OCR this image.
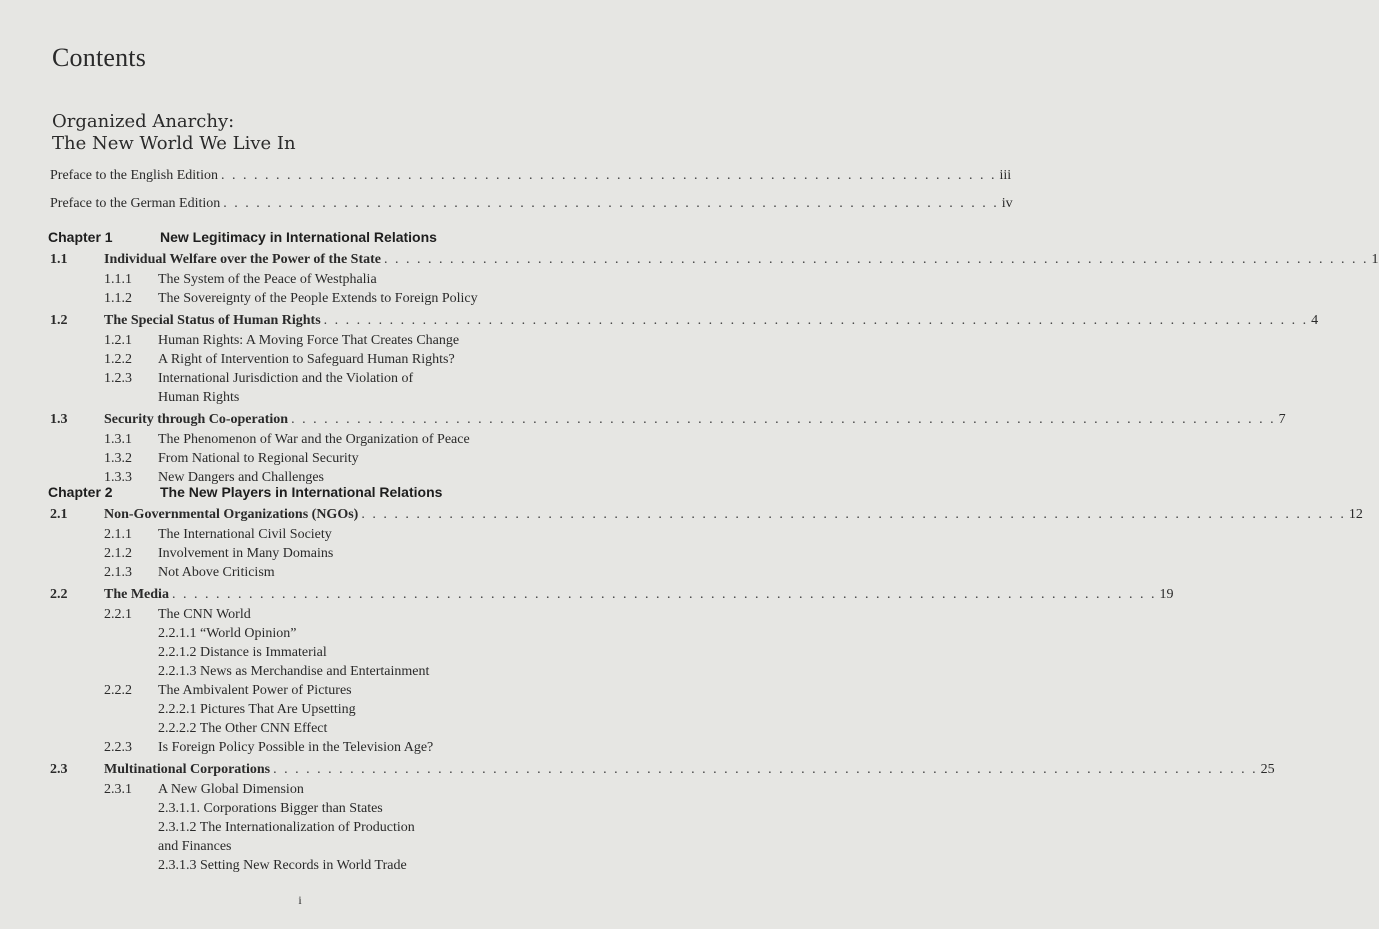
Contents
Organized Anarchy:
The New World We Live In
Preface to the English Edition . . . . . . . . . . . . . . . . . . . . . . . . . . . . . . . . . . . . . . . . . . . . . . . . . . . . . . . . . . . . . . . . . . . . . . . iii
Preface to the German Edition . . . . . . . . . . . . . . . . . . . . . . . . . . . . . . . . . . . . . . . . . . . . . . . . . . . . . . . . . . . . . . . . . . . . . . . iv
Chapter 1	New Legitimacy in International Relations
1.1	Individual Welfare over the Power of the State . . . . . . . . . . . . . . . . . . . . . . . . . . . . . . . . . . . . . . . . . . . . . . . . . . . . . . . . . . . . . . . . . . . . . . . . . . . . . . . . . . . . . . . . . . 1
1.1.1 The System of the Peace of Westphalia
1.1.2 The Sovereignty of the People Extends to Foreign Policy
1.2	The Special Status of Human Rights . . . . . . . . . . . . . . . . . . . . . . . . . . . . . . . . . . . . . . . . . . . . . . . . . . . . . . . . . . . . . . . . . . . . . . . . . . . . . . . . . . . . . . . . . . 4
1.2.1 Human Rights: A Moving Force That Creates Change
1.2.2 A Right of Intervention to Safeguard Human Rights?
1.2.3 International Jurisdiction and the Violation of
Human Rights
1.3	Security through Co-operation . . . . . . . . . . . . . . . . . . . . . . . . . . . . . . . . . . . . . . . . . . . . . . . . . . . . . . . . . . . . . . . . . . . . . . . . . . . . . . . . . . . . . . . . . . 7
1.3.1 The Phenomenon of War and the Organization of Peace
1.3.2 From National to Regional Security
1.3.3 New Dangers and Challenges
Chapter 2	The New Players in International Relations
2.1	Non-Governmental Organizations (NGOs) . . . . . . . . . . . . . . . . . . . . . . . . . . . . . . . . . . . . . . . . . . . . . . . . . . . . . . . . . . . . . . . . . . . . . . . . . . . . . . . . . . . . . . . . . . 12
2.1.1 The International Civil Society
2.1.2 Involvement in Many Domains
2.1.3 Not Above Criticism
2.2	The Media . . . . . . . . . . . . . . . . . . . . . . . . . . . . . . . . . . . . . . . . . . . . . . . . . . . . . . . . . . . . . . . . . . . . . . . . . . . . . . . . . . . . . . . . . . 19
2.2.1 The CNN World
2.2.1.1 “World Opinion”
2.2.1.2 Distance is Immaterial
2.2.1.3 News as Merchandise and Entertainment
2.2.2 The Ambivalent Power of Pictures
2.2.2.1 Pictures That Are Upsetting
2.2.2.2 The Other CNN Effect
2.2.3 Is Foreign Policy Possible in the Television Age?
2.3	Multinational Corporations . . . . . . . . . . . . . . . . . . . . . . . . . . . . . . . . . . . . . . . . . . . . . . . . . . . . . . . . . . . . . . . . . . . . . . . . . . . . . . . . . . . . . . . . . . 25
2.3.1 A New Global Dimension
2.3.1.1. Corporations Bigger than States
2.3.1.2 The Internationalization of Production
and Finances
2.3.1.3 Setting New Records in World Trade
i
